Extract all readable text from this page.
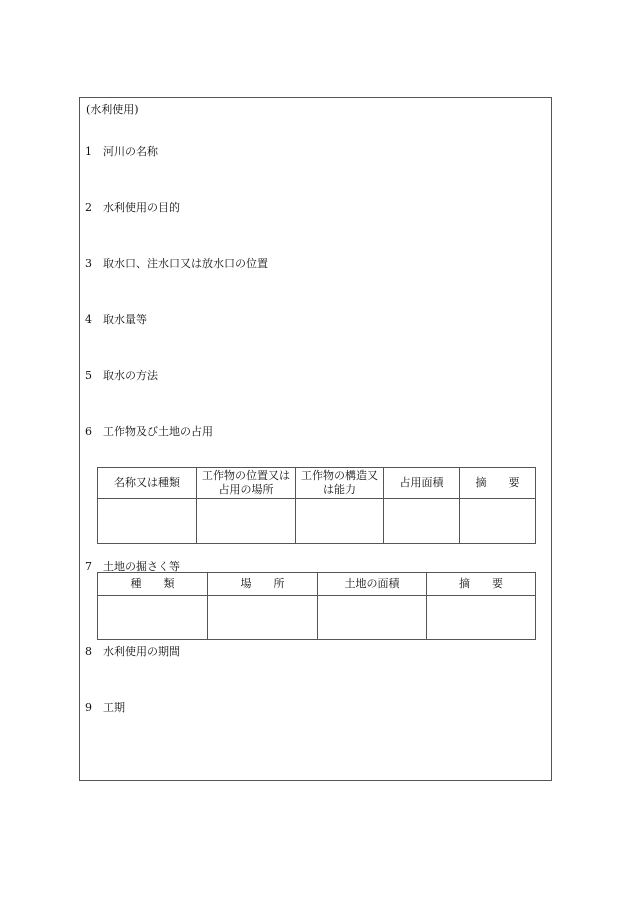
(水利使用)
1 河川の名称
2 水利使用の目的
3 取水口、注水口又は放水口の位置
4 取水量等
5 取水の方法
6 工作物及び土地の占用
名称又は種類	工作物の位置又は占用の場所	工作物の構造又は能力	占用面積	摘　　要

7 土地の掘さく等
種　　類	場　　所	土地の面積	摘　　要

8 水利使用の期間
9 工期
